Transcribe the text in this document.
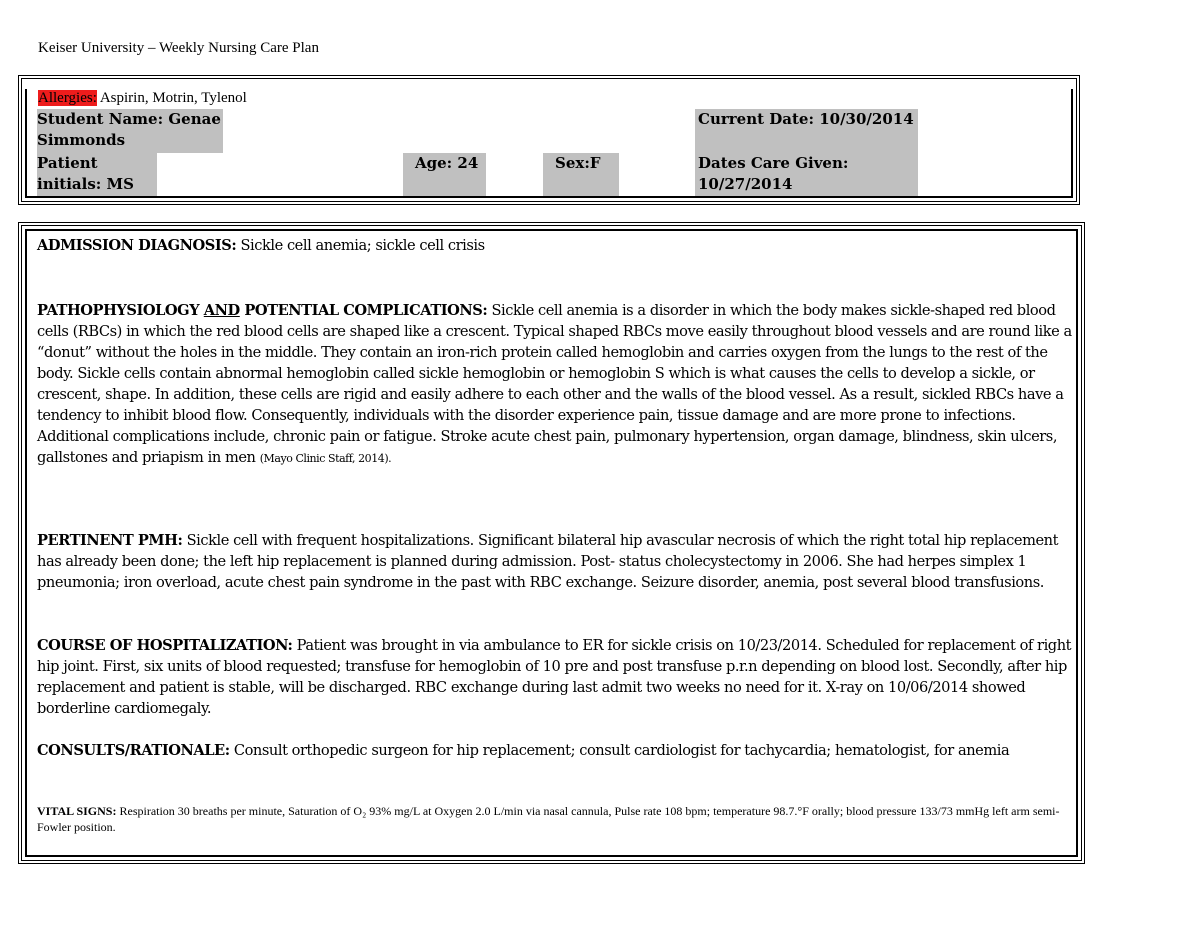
Keiser University – Weekly Nursing Care Plan
Allergies: Aspirin, Motrin, Tylenol
Student Name: Genae
Simmonds
Current Date: 10/30/2014
Patient
initials: MS
Age: 24	Sex:F	Dates Care Given:
10/27/2014
ADMISSION DIAGNOSIS: Sickle cell anemia; sickle cell crisis
PATHOPHYSIOLOGY AND POTENTIAL COMPLICATIONS: Sickle cell anemia is a disorder in which the body makes sickle-shaped red blood cells (RBCs) in which the red blood cells are shaped like a crescent. Typical shaped RBCs move easily throughout blood vessels and are round like a “donut” without the holes in the middle. They contain an iron-rich protein called hemoglobin and carries oxygen from the lungs to the rest of the body. Sickle cells contain abnormal hemoglobin called sickle hemoglobin or hemoglobin S which is what causes the cells to develop a sickle, or crescent, shape. In addition, these cells are rigid and easily adhere to each other and the walls of the blood vessel. As a result, sickled RBCs have a tendency to inhibit blood flow. Consequently, individuals with the disorder experience pain, tissue damage and are more prone to infections. Additional complications include, chronic pain or fatigue. Stroke acute chest pain, pulmonary hypertension, organ damage, blindness, skin ulcers, gallstones and priapism in men (Mayo Clinic Staff, 2014).
PERTINENT PMH: Sickle cell with frequent hospitalizations. Significant bilateral hip avascular necrosis of which the right total hip replacement has already been done; the left hip replacement is planned during admission. Post- status cholecystectomy in 2006. She had herpes simplex 1 pneumonia; iron overload, acute chest pain syndrome in the past with RBC exchange. Seizure disorder, anemia, post several blood transfusions.
COURSE OF HOSPITALIZATION: Patient was brought in via ambulance to ER for sickle crisis on 10/23/2014. Scheduled for replacement of right hip joint. First, six units of blood requested; transfuse for hemoglobin of 10 pre and post transfuse p.r.n depending on blood lost. Secondly, after hip replacement and patient is stable, will be discharged. RBC exchange during last admit two weeks no need for it. X-ray on 10/06/2014 showed borderline cardiomegaly.
CONSULTS/RATIONALE: Consult orthopedic surgeon for hip replacement; consult cardiologist for tachycardia; hematologist, for anemia
VITAL SIGNS: Respiration 30 breaths per minute, Saturation of O₂ 93% mg/L at Oxygen 2.0 L/min via nasal cannula, Pulse rate 108 bpm; temperature 98.7.°F orally; blood pressure 133/73 mmHg left arm semi- Fowler position.
